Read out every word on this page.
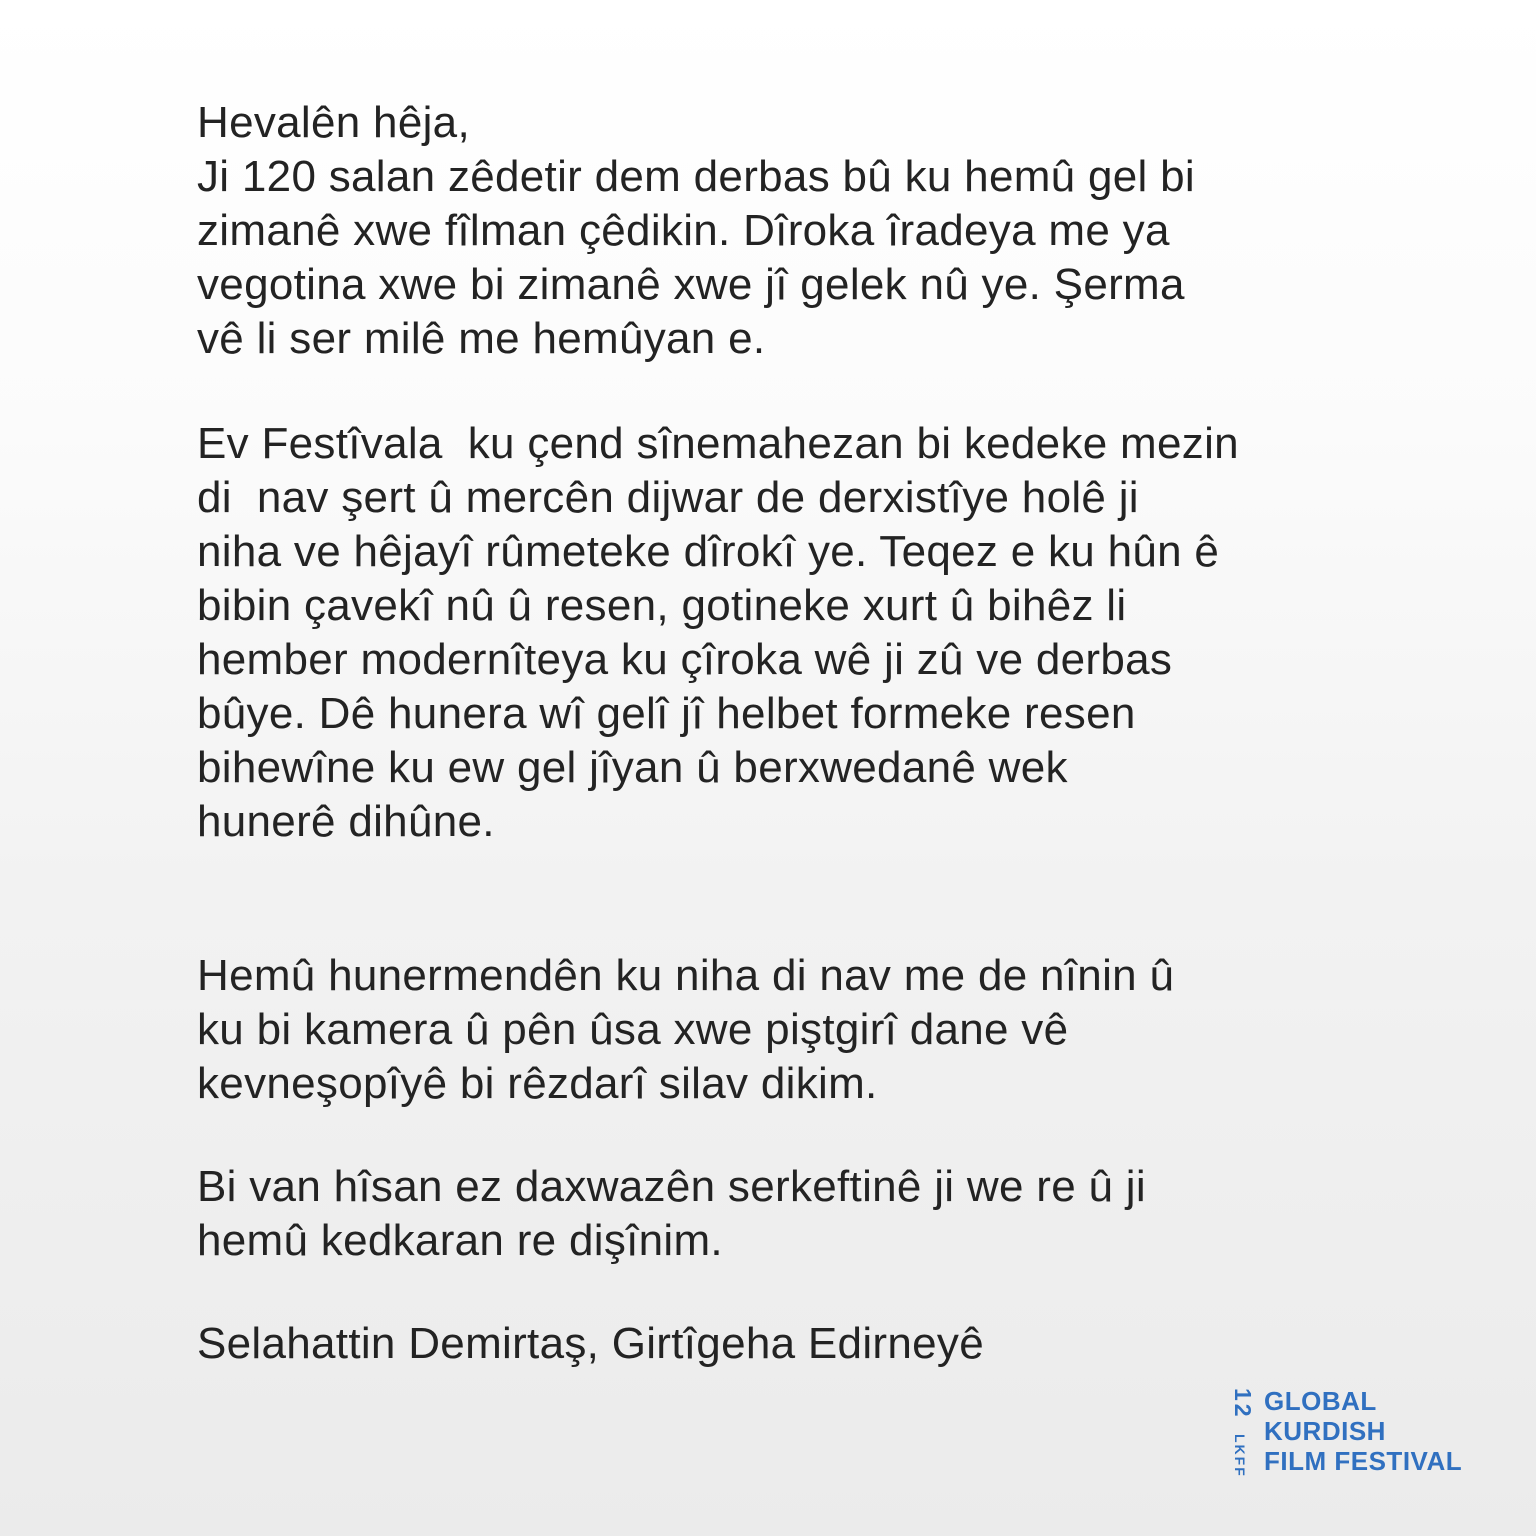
Hevalên hêja,
Ji 120 salan zêdetir dem derbas bû ku hemû gel bi
zimanê xwe fîlman çêdikin. Dîroka îradeya me ya
vegotina xwe bi zimanê xwe jî gelek nû ye. Şerma
vê li ser milê me hemûyan e.
Ev Festîvala  ku çend sînemahezan bi kedeke mezin
di  nav şert û mercên dijwar de derxistîye holê ji
niha ve hêjayî rûmeteke dîrokî ye. Teqez e ku hûn ê
bibin çavekî nû û resen, gotineke xurt û bihêz li
hember modernîteya ku çîroka wê ji zû ve derbas
bûye. Dê hunera wî gelî jî helbet formeke resen
bihewîne ku ew gel jîyan û berxwedanê wek
hunerê dihûne.
Hemû hunermendên ku niha di nav me de nînin û
ku bi kamera û pên ûsa xwe piştgirî dane vê
kevneşopîyê bi rêzdarî silav dikim.
Bi van hîsan ez daxwazên serkeftinê ji we re û ji
hemû kedkaran re dişînim.
Selahattin Demirtaş, Girtîgeha Edirneyê
12 LKFF
GLOBAL
KURDISH
FILM FESTIVAL
